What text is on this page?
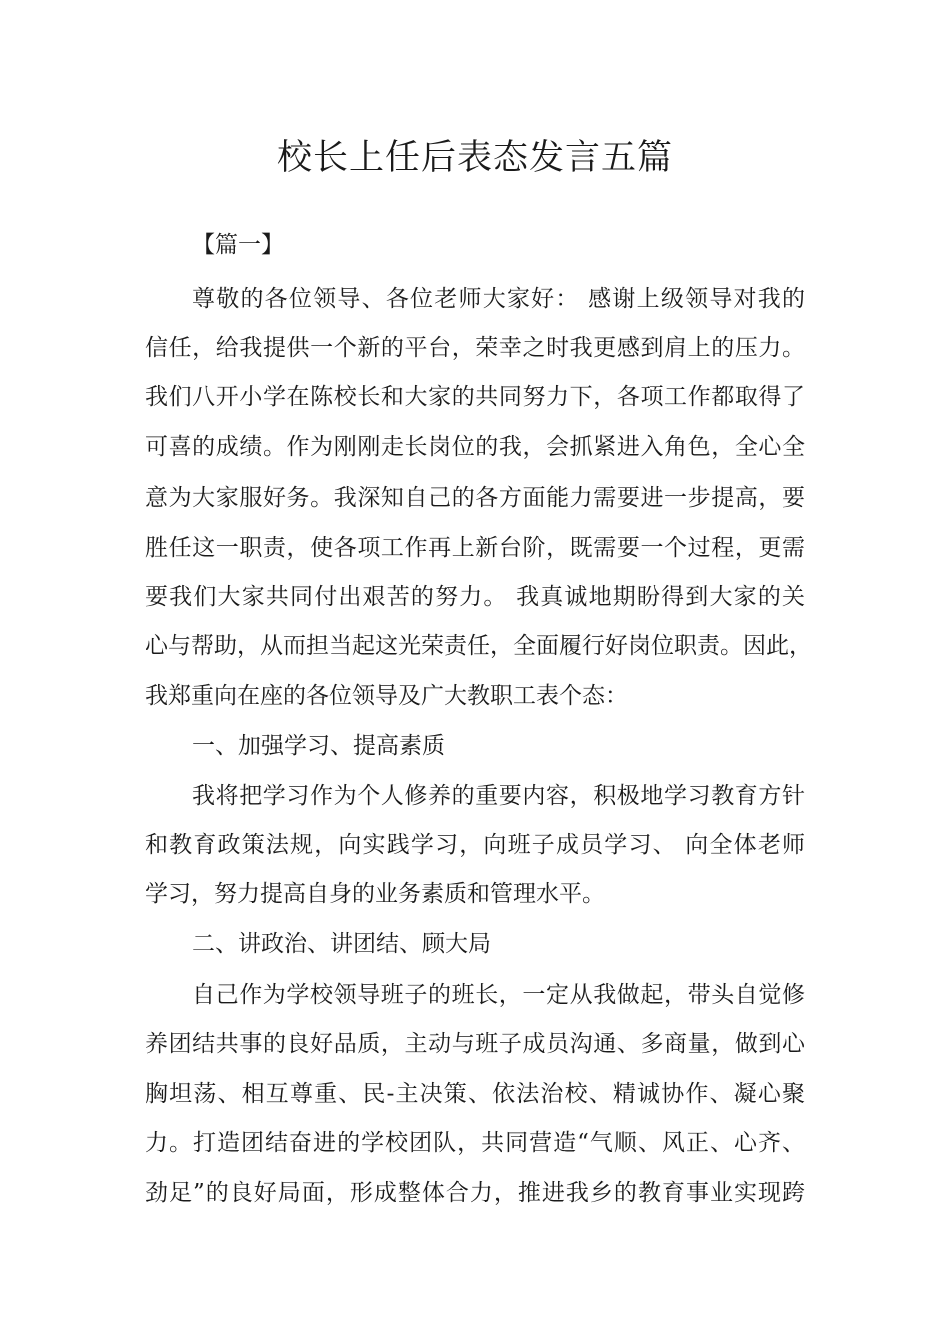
校长上任后表态发言五篇
【篇一】
尊敬的各位领导、各位老师大家好： 感谢上级领导对我的
信任，给我提供一个新的平台，荣幸之时我更感到肩上的压力。
我们八开小学在陈校长和大家的共同努力下，各项工作都取得了
可喜的成绩。作为刚刚走长岗位的我，会抓紧进入角色，全心全
意为大家服好务。我深知自己的各方面能力需要进一步提高，要
胜任这一职责，使各项工作再上新台阶，既需要一个过程，更需
要我们大家共同付出艰苦的努力。 我真诚地期盼得到大家的关
心与帮助，从而担当起这光荣责任，全面履行好岗位职责。因此，
我郑重向在座的各位领导及广大教职工表个态：
一、加强学习、提高素质
我将把学习作为个人修养的重要内容，积极地学习教育方针
和教育政策法规，向实践学习，向班子成员学习、 向全体老师
学习，努力提高自身的业务素质和管理水平。
二、讲政治、讲团结、顾大局
自己作为学校领导班子的班长，一定从我做起，带头自觉修
养团结共事的良好品质，主动与班子成员沟通、多商量，做到心
胸坦荡、相互尊重、民-主决策、依法治校、精诚协作、凝心聚
力。打造团结奋进的学校团队，共同营造“气顺、风正、心齐、
劲足”的良好局面，形成整体合力，推进我乡的教育事业实现跨
